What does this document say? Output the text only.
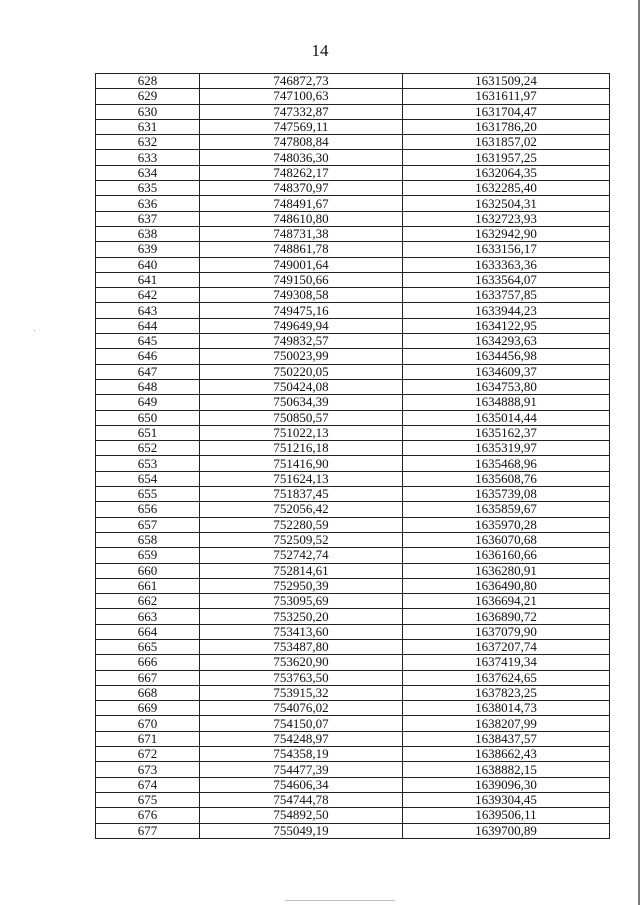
14
628	746872,73	1631509,24
629	747100,63	1631611,97
630	747332,87	1631704,47
631	747569,11	1631786,20
632	747808,84	1631857,02
633	748036,30	1631957,25
634	748262,17	1632064,35
635	748370,97	1632285,40
636	748491,67	1632504,31
637	748610,80	1632723,93
638	748731,38	1632942,90
639	748861,78	1633156,17
640	749001,64	1633363,36
641	749150,66	1633564,07
642	749308,58	1633757,85
643	749475,16	1633944,23
644	749649,94	1634122,95
645	749832,57	1634293,63
646	750023,99	1634456,98
647	750220,05	1634609,37
648	750424,08	1634753,80
649	750634,39	1634888,91
650	750850,57	1635014,44
651	751022,13	1635162,37
652	751216,18	1635319,97
653	751416,90	1635468,96
654	751624,13	1635608,76
655	751837,45	1635739,08
656	752056,42	1635859,67
657	752280,59	1635970,28
658	752509,52	1636070,68
659	752742,74	1636160,66
660	752814,61	1636280,91
661	752950,39	1636490,80
662	753095,69	1636694,21
663	753250,20	1636890,72
664	753413,60	1637079,90
665	753487,80	1637207,74
666	753620,90	1637419,34
667	753763,50	1637624,65
668	753915,32	1637823,25
669	754076,02	1638014,73
670	754150,07	1638207,99
671	754248,97	1638437,57
672	754358,19	1638662,43
673	754477,39	1638882,15
674	754606,34	1639096,30
675	754744,78	1639304,45
676	754892,50	1639506,11
677	755049,19	1639700,89
